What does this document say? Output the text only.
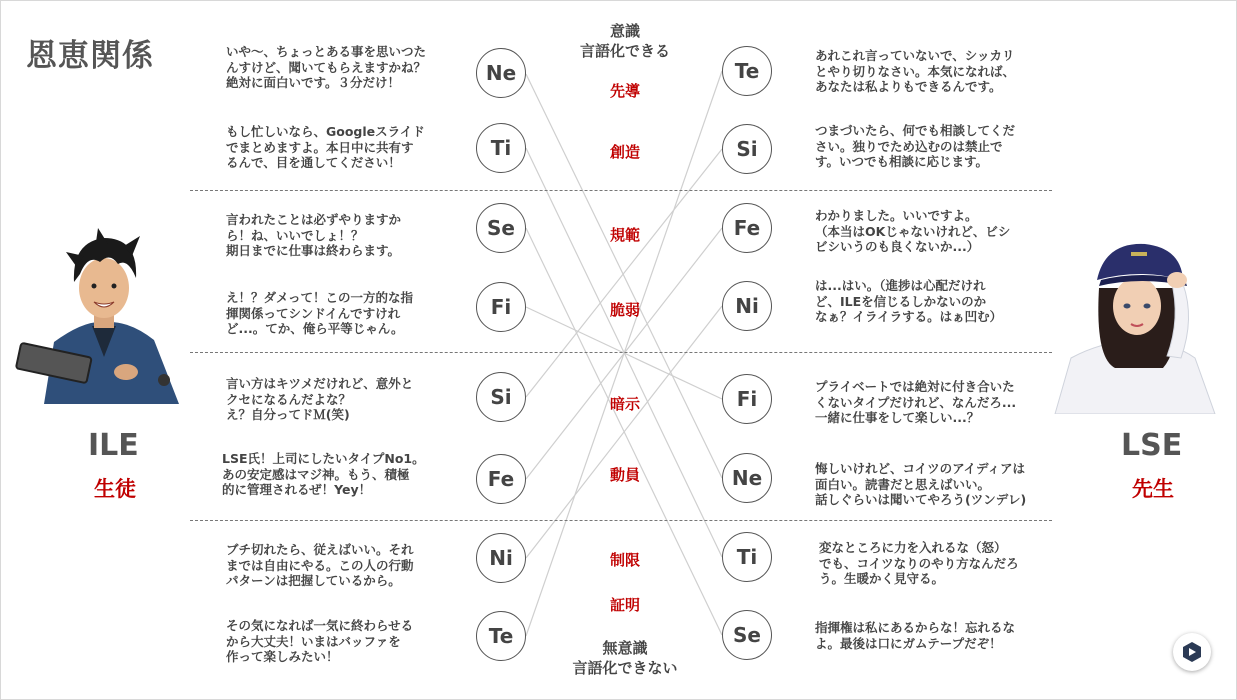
恩恵関係	Ne
Ti
Se
Fi
Si
Fe
Ni
Te
Te
Si
Fe
Ni
Fi
Ne
Ti
Se
意識
言語化できる
先導
創造
規範
脆弱
暗示
動員
制限
証明
無意識
言語化できない
いや〜、ちょっとある事を思いつた
んすけど、聞いてもらえますかね？
絶対に面白いです。３分だけ！
もし忙しいなら、Googleスライド
でまとめますよ。本日中に共有す
るんで、目を通してください！
言われたことは必ずやりますか
ら！ね、いいでしょ！？
期日までに仕事は終わらます。
え！？ダメって！この一方的な指
揮関係ってシンドイんですけれ
ど...。てか、俺ら平等じゃん。
言い方はキツメだけれど、意外と
クセになるんだよな？
え？自分ってドＭ(笑)
LSE氏！上司にしたいタイプNo1。
あの安定感はマジ神。もう、積極
的に管理されるぜ！Yey！
ブチ切れたら、従えばいい。それ
までは自由にやる。この人の行動
パターンは把握しているから。
その気になれば一気に終わらせる
から大丈夫！いまはバッファを
作って楽しみたい！
あれこれ言っていないで、シッカリ
とやり切りなさい。本気になれば、
あなたは私よりもできるんです。
つまづいたら、何でも相談してくだ
さい。独りでため込むのは禁止で
す。いつでも相談に応じます。
わかりました。いいですよ。
（本当はOKじゃないけれど、ビシ
ビシいうのも良くないか...）
は...はい。（進捗は心配だけれ
ど、ILEを信じるしかないのか
なぁ？イライラする。はぁ凹む）
プライベートでは絶対に付き合いた
くないタイプだけれど、なんだろ...
一緒に仕事をして楽しい...？
悔しいけれど、コイツのアイディアは
面白い。読書だと思えばいい。
話しぐらいは聞いてやろう(ツンデレ)
変なところに力を入れるな（怒）
でも、コイツなりのやり方なんだろ
う。生暖かく見守る。
指揮権は私にあるからな！忘れるな
よ。最後は口にガムテープだぞ！
ILE
生徒
LSE
先生
